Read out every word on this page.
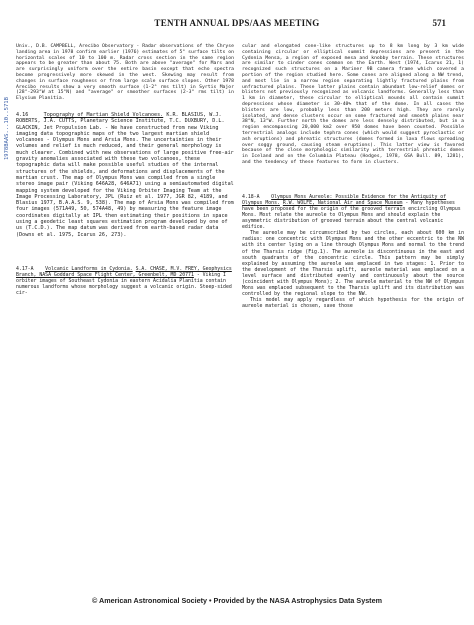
TENTH ANNUAL DPS/AAS MEETING	571
1978BAAS...10..571B

Univ., D.B. CAMPBELL, Arecibo Observatory - Radar observations of the Chryse landing area in 1978 confirm earlier (1976) estimates of 5° surface tilts on horizontal scales of 10 to 100 m. Radar cross section in the same region appears to be greater than about 75. Both are above "average" for Mars and are surprisingly uniform over the entire basin except that echo spectra become progressively more skewed in the west. Skewing may result from changes in surface roughness or from large scale surface slopes. Other 1978 Arecibo results show a very smooth surface (1-2° rms tilt) in Syrtis Major (28°-293°W at 15°N) and "average" or smoother surfaces (2-3° rms tilt) in Elysium Planitia.

4.16	Topography of Martian Shield Volcanoes. K.R. BLASIUS, W.J. ROBERTS, J.A. CUTTS, Planetary Science Institute, T.C. DUXBURY, D.L. GLACKIN, Jet Propulsion Lab. - We have constructed from new Viking imaging data topographic maps of the two largest martian shield volcanoes - Olympus Mons and Arsia Mons. The uncertainties in their volumes and relief is much reduced, and their general morphology is much clearer. Combined with new observations of large positive free-air gravity anomalies associated with these two volcanoes, these topographic data will make possible useful studies of the internal structures of the shields, and deformations and displacements of the martian crust. The map of Olympus Mons was compiled from a single stereo image pair (Viking 646A28, 646A71) using a semiautomated digital mapping system developed for the Viking Orbiter Imaging Team at the Image Processing Laboratory, JPL (Ruiz et al. 1977, JGR 82, 4189, and Blasius 1977, B.A.A.S. 9, 538). The map of Arsia Mons was compiled from four images (571A49, 50, 574A48, 49) by measuring the feature image coordinates digitally at IPL then estimating their positions in space using a geodetic least squares estimation program developed by one of us (T.C.D.). The map datum was derived from earth-based radar data (Downs et al. 1975, Icarus 26, 273).
4.17-A Volcanic Landforms in Cydonia. S.A. CHASE, M.V. FREY, Geophysics Branch, NASA Goddard Space Flight Center, Greenbelt, MD 20771 - Viking I orbiter images of Southeast Cydonia in eastern Acidalia Planitia contain numerous landforms whose morphology suggest a volcanic origin. Steep-sided cir-

cular and elongated cone-like structures up to 8 km long by 3 km wide containing circular or elliptical summit depressions are present in the Cydonia Mensa, a region of exposed mesa and knobby terrain. These structures are similar to cinder cones common on the Earth. West (1974, Icarus 21, 1) recognized such structures on a Mariner 9B camera frame which covered a portion of the region studied here. Some cones are aligned along a NW trend, and most lie in a narrow region separating lightly fractured plains from unfractured plains. These latter plains contain abundant low-relief domes or blisters not previously recognized as volcanic landforms. Generally less than 1 km in diameter, these circular to elliptical mounds all contain summit depressions whose diameter is 30-40% that of the dome. In all cases the blisters are low, probably less than 200 meters high. They are rarely isolated, and dense clusters occur on some fractured and smooth plains near 38°N, 13°W. Further north the domes are less densely distributed, but in a region encompassing 20,000 km2 over 950 domes have been counted. Possible terrestrial analogs include tephra cones (which would suggest pyroclastic or ash eruptions) and phreatic structures (domes formed in lava flows spreading over soggy ground, causing steam eruptions). This latter view is favored because of the close morphologic similarity with terrestrial phreatic domes in Iceland and on the Columbia Plateau (Hodges, 1978, GSA Bull. 89, 1281), and the tendency of these features to form in clusters.

4.18-A Olympus Mons Aureole: Possible Evidence for the Antiquity of Olympus Mons. R.W. WOLFE, National Air and Space Museum - Many hypotheses have been proposed for the origin of the grooved terrain encircling Olympus Mons. Most relate the aureole to Olympus Mons and should explain the asymmetric distribution of grooved terrain about the central volcanic edifice.

The aureole may be circumscribed by two circles, each about 600 km in radius: one concentric with Olympus Mons and the other eccentric to the NW with its center lying on a line through Olympus Mons and normal to the trend of the Tharsis ridge (Fig.1). The aureole is discontinuous in the east and south quadrants of the concentric circle. This pattern may be simply explained by assuming the aureole was emplaced in two stages: 1. Prior to the development of the Tharsis uplift, aureole material was emplaced on a level surface and distributed evenly and continuously about the source (coincident with Olympus Mons); 2. The aureole material to the NW of Olympus Mons was emplaced subsequent to the Tharsis uplift and its distribution was controlled by the regional slope to the NW.

This model may apply regardless of which hypothesis for the origin of aureole material is chosen, save those

© American Astronomical Society • Provided by the NASA Astrophysics Data System
